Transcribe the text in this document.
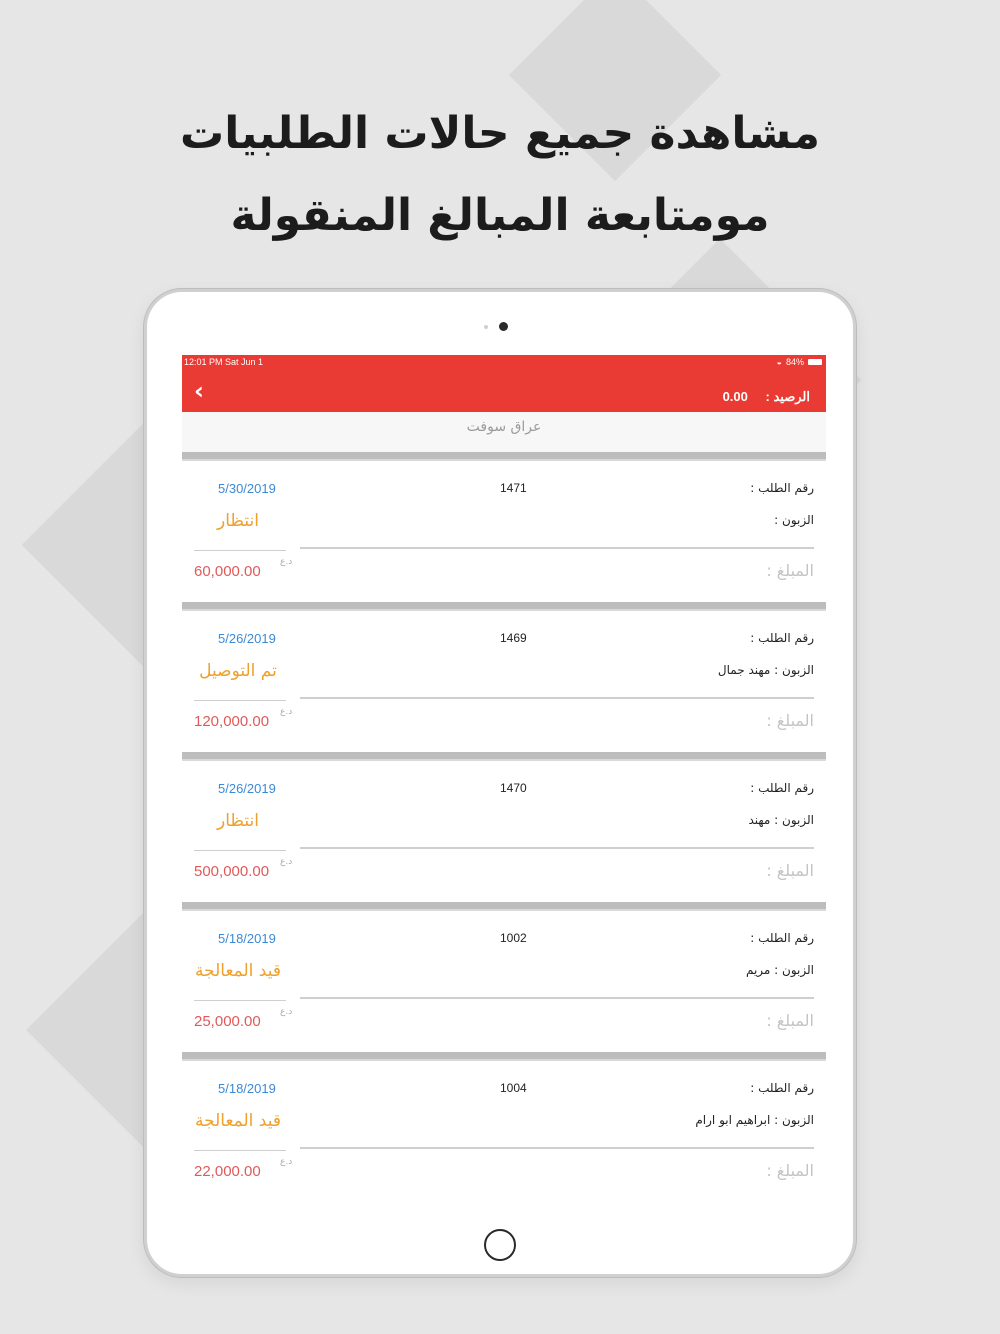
مشاهدة جميع حالات الطلبيات
مومتابعة المبالغ المنقولة
12:01 PM Sat Jun 1	◒ 84%
‹	الرصيد : 0.00
عراق سوفت
رقم الطلب :
1471
5/30/2019
الزبون :
انتظار
المبلغ :
60,000.00
د.ع
رقم الطلب :
1469
5/26/2019
الزبون : مهند جمال
تم التوصيل
المبلغ :
120,000.00
د.ع
رقم الطلب :
1470
5/26/2019
الزبون : مهند
انتظار
المبلغ :
500,000.00
د.ع
رقم الطلب :
1002
5/18/2019
الزبون : مريم
قيد المعالجة
المبلغ :
25,000.00
د.ع
رقم الطلب :
1004
5/18/2019
الزبون : ابراهيم ابو ارام
قيد المعالجة
المبلغ :
22,000.00
د.ع
